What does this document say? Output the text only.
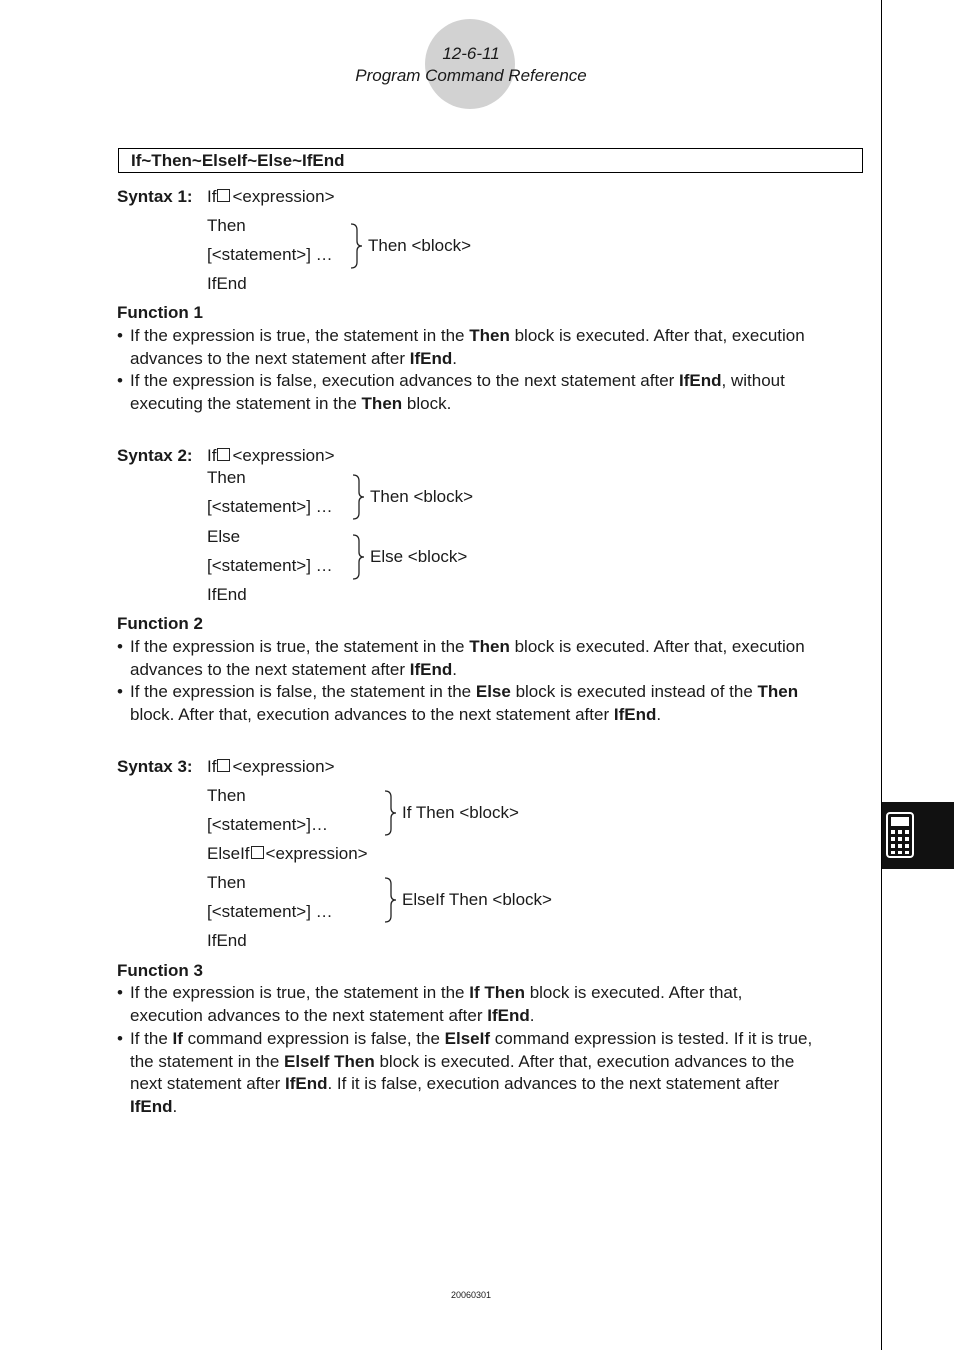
12-6-11
Program Command Reference
If~Then~ElseIf~Else~IfEnd
Syntax 1: If <expression>
Then
[<statement>] …
IfEnd
Then <block>
Function 1
• If the expression is true, the statement in the Then block is executed. After that, execution
advances to the next statement after IfEnd.
• If the expression is false, execution advances to the next statement after IfEnd, without
executing the statement in the Then block.
Syntax 2: If <expression>
Then
[<statement>] …
Else
[<statement>] …
IfEnd
Then <block>
Else <block>
Function 2
• If the expression is true, the statement in the Then block is executed. After that, execution
advances to the next statement after IfEnd.
• If the expression is false, the statement in the Else block is executed instead of the Then
block. After that, execution advances to the next statement after IfEnd.
Syntax 3: If <expression>
Then
[<statement>]…
ElseIf <expression>
Then
[<statement>] …
IfEnd
If Then <block>
ElseIf Then <block>
Function 3
• If the expression is true, the statement in the If Then block is executed. After that,
execution advances to the next statement after IfEnd.
• If the If command expression is false, the ElseIf command expression is tested. If it is true,
the statement in the ElseIf Then block is executed. After that, execution advances to the
next statement after IfEnd. If it is false, execution advances to the next statement after
IfEnd.
20060301
